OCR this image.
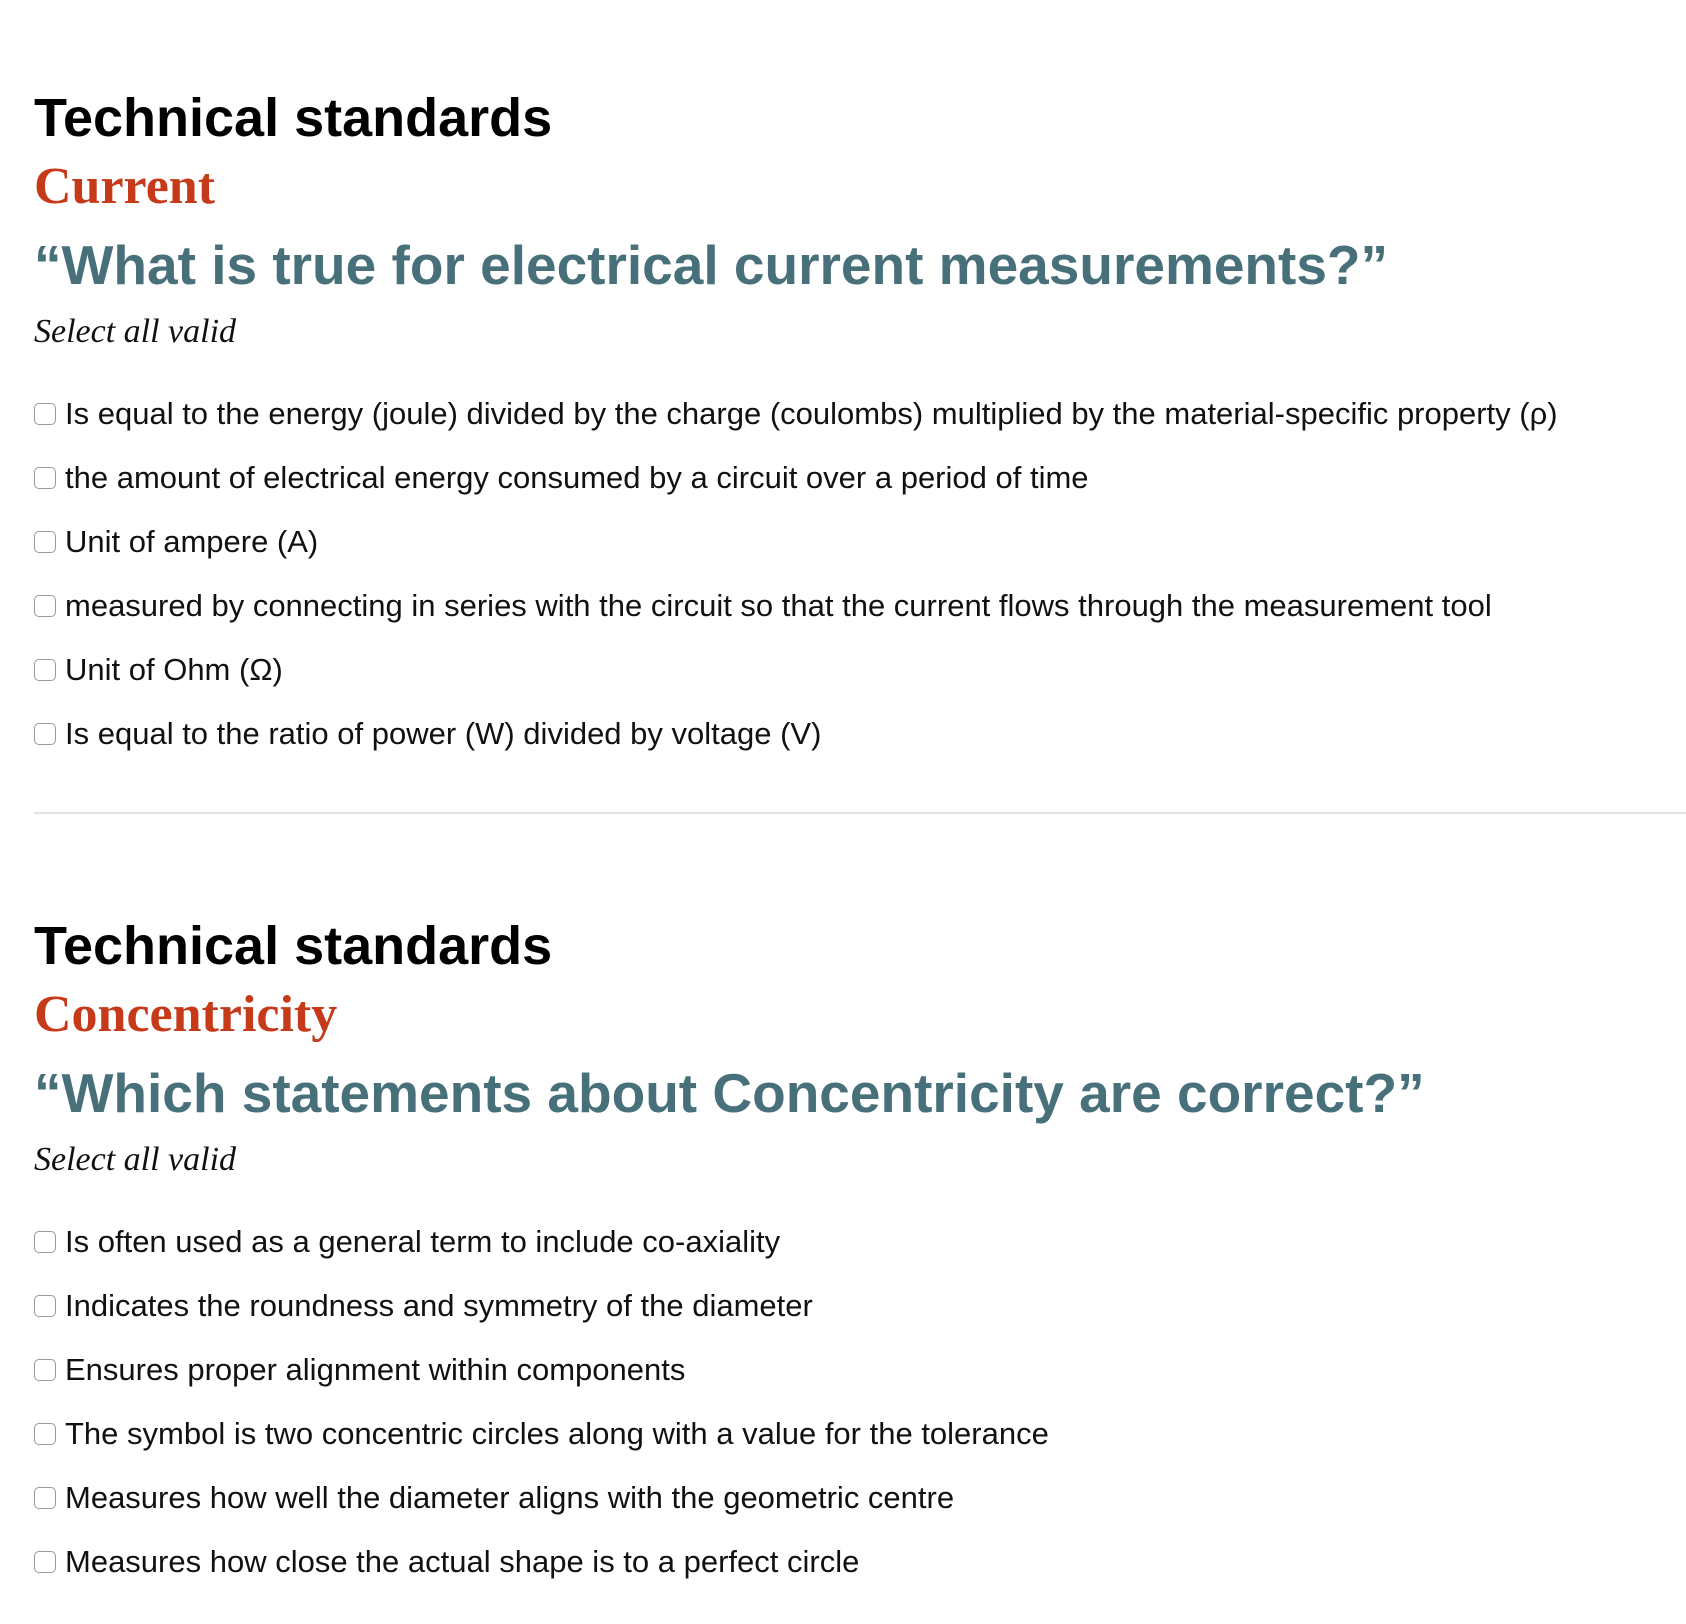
Technical standards
Current
“What is true for electrical current measurements?”

Select all valid

Is equal to the energy (joule) divided by the charge (coulombs) multiplied by the material-specific property (ρ)
the amount of electrical energy consumed by a circuit over a period of time
Unit of ampere (A)
measured by connecting in series with the circuit so that the current flows through the measurement tool
Unit of Ohm (Ω)
Is equal to the ratio of power (W) divided by voltage (V)
Technical standards
Concentricity
“Which statements about Concentricity are correct?”

Select all valid

Is often used as a general term to include co-axiality
Indicates the roundness and symmetry of the diameter
Ensures proper alignment within components
The symbol is two concentric circles along with a value for the tolerance
Measures how well the diameter aligns with the geometric centre
Measures how close the actual shape is to a perfect circle
